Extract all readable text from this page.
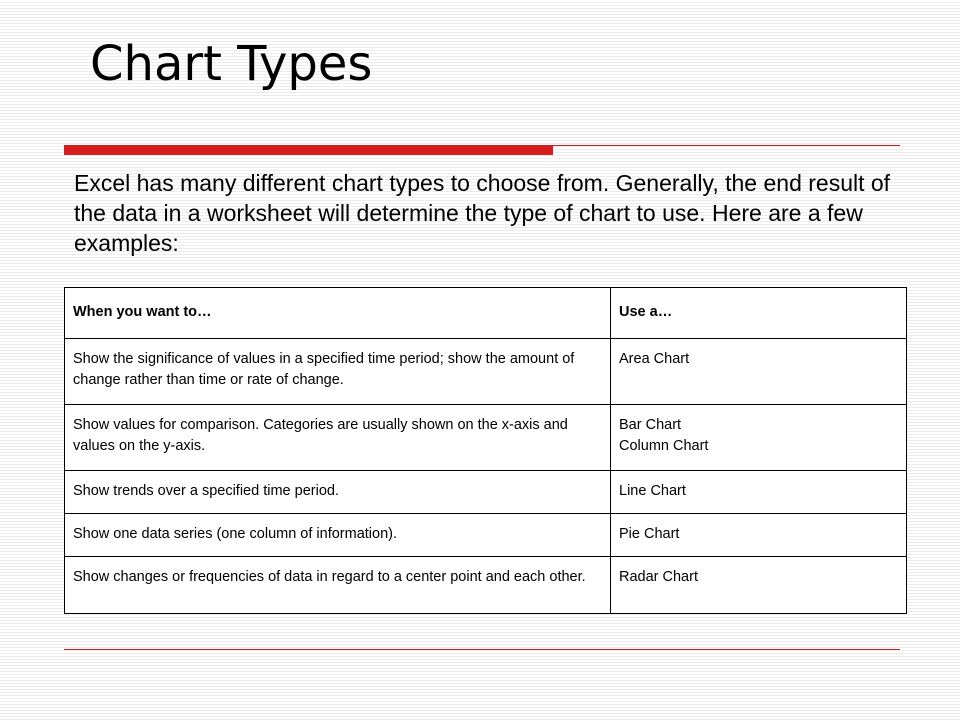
Chart Types

Excel has many different chart types to choose from. Generally, the end result of the data in a worksheet will determine the type of chart to use. Here are a few examples:

When you want to…	Use a…
Show the significance of values in a specified time period; show the amount of change rather than time or rate of change.	Area Chart

Show values for comparison. Categories are usually shown on the x-axis and values on the y-axis.	Bar Chart
Column Chart

Show trends over a specified time period.	Line Chart

Show one data series (one column of information).	Pie Chart

Show changes or frequencies of data in regard to a center point and each other.	Radar Chart
